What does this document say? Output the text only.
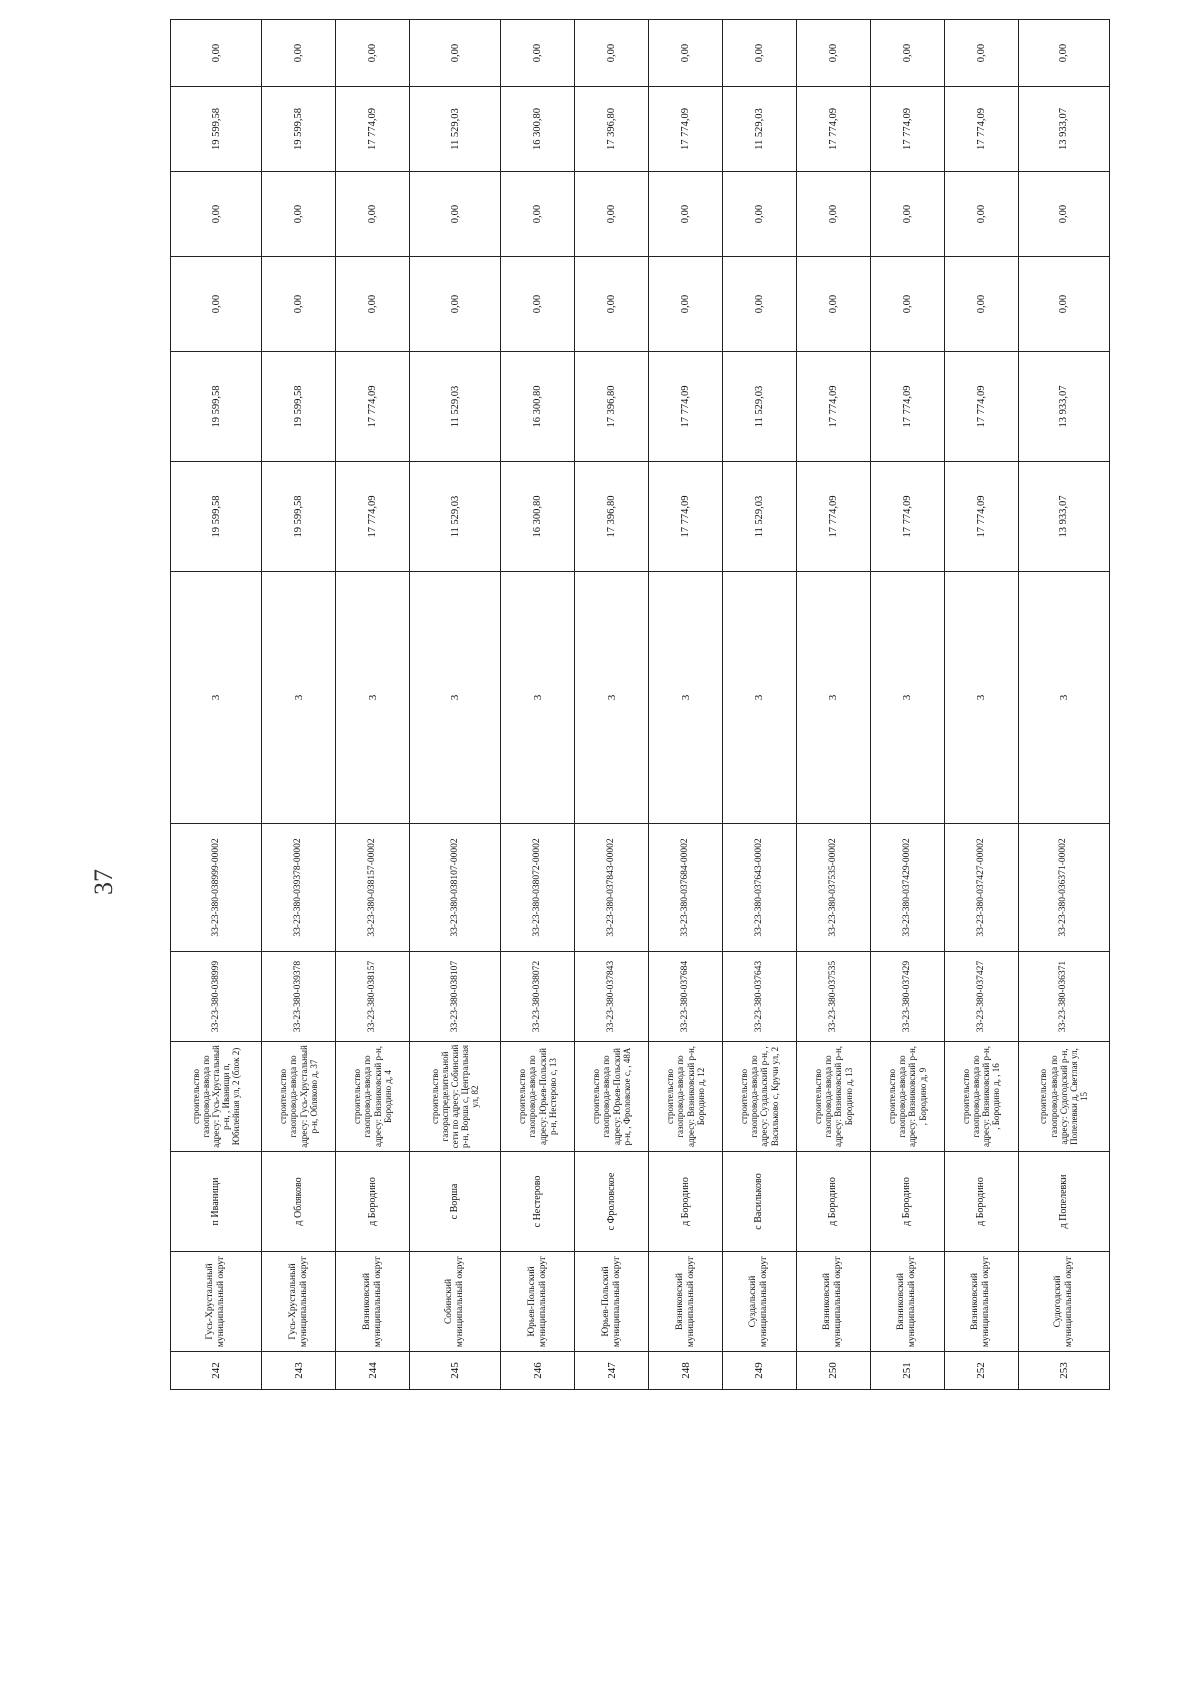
37
242	Гусь-Хрустальный муниципальный округ	п Иванищи	строительство газопровода-ввода по адресу: Гусь-Хрустальный р-н, , Иванищи п, Юбилейная ул, 2 (блок 2)	33-23-380-038999	33-23-380-038999-00002	3	19 599,58	19 599,58	0,00	0,00	19 599,58	0,00
243	Гусь-Хрустальный муниципальный округ	д Обляково	строительство газопровода-ввода по адресу: Гусь-Хрустальный р-н, Обляково д, 37	33-23-380-039378	33-23-380-039378-00002	3	19 599,58	19 599,58	0,00	0,00	19 599,58	0,00
244	Вязниковский муниципальный округ	д Бородино	строительство газопровода-ввода по адресу: Вязниковский р-н, Бородино д, 4	33-23-380-038157	33-23-380-038157-00002	3	17 774,09	17 774,09	0,00	0,00	17 774,09	0,00
245	Собинский муниципальный округ	с Ворша	строительство газораспределительной сети по адресу: Собинский р-н, Ворша с, Центральная ул, 82	33-23-380-038107	33-23-380-038107-00002	3	11 529,03	11 529,03	0,00	0,00	11 529,03	0,00
246	Юрьев-Польский муниципальный округ	с Нестерово	строительство газопровода-ввода по адресу: Юрьев-Польский р-н, Нестерово с, 13	33-23-380-038072	33-23-380-038072-00002	3	16 300,80	16 300,80	0,00	0,00	16 300,80	0,00
247	Юрьев-Польский муниципальный округ	с Фроловское	строительство газопровода-ввода по адресу: Юрьев-Польский р-н, , Фроловское с, , 48А	33-23-380-037843	33-23-380-037843-00002	3	17 396,80	17 396,80	0,00	0,00	17 396,80	0,00
248	Вязниковский муниципальный округ	д Бородино	строительство газопровода-ввода по адресу: Вязниковский р-н, Бородино д, 12	33-23-380-037684	33-23-380-037684-00002	3	17 774,09	17 774,09	0,00	0,00	17 774,09	0,00
249	Суздальский муниципальный округ	с Васильково	строительство газопровода-ввода по адресу: Суздальский р-н, , Васильково с, Кручи ул, 2	33-23-380-037643	33-23-380-037643-00002	3	11 529,03	11 529,03	0,00	0,00	11 529,03	0,00
250	Вязниковский муниципальный округ	д Бородино	строительство газопровода-ввода по адресу: Вязниковский р-н, Бородино д, 13	33-23-380-037535	33-23-380-037535-00002	3	17 774,09	17 774,09	0,00	0,00	17 774,09	0,00
251	Вязниковский муниципальный округ	д Бородино	строительство газопровода-ввода по адресу: Вязниковский р-н, , Бородино д, 9	33-23-380-037429	33-23-380-037429-00002	3	17 774,09	17 774,09	0,00	0,00	17 774,09	0,00
252	Вязниковский муниципальный округ	д Бородино	строительство газопровода-ввода по адресу: Вязниковский р-н, , Бородино д, , 16	33-23-380-037427	33-23-380-037427-00002	3	17 774,09	17 774,09	0,00	0,00	17 774,09	0,00
253	Судогодский муниципальный округ	д Попелевки	строительство газопровода-ввода по адресу: Судогодский р-н, Попелевки д, Светлая ул, 15	33-23-380-036371	33-23-380-036371-00002	3	13 933,07	13 933,07	0,00	0,00	13 933,07	0,00
